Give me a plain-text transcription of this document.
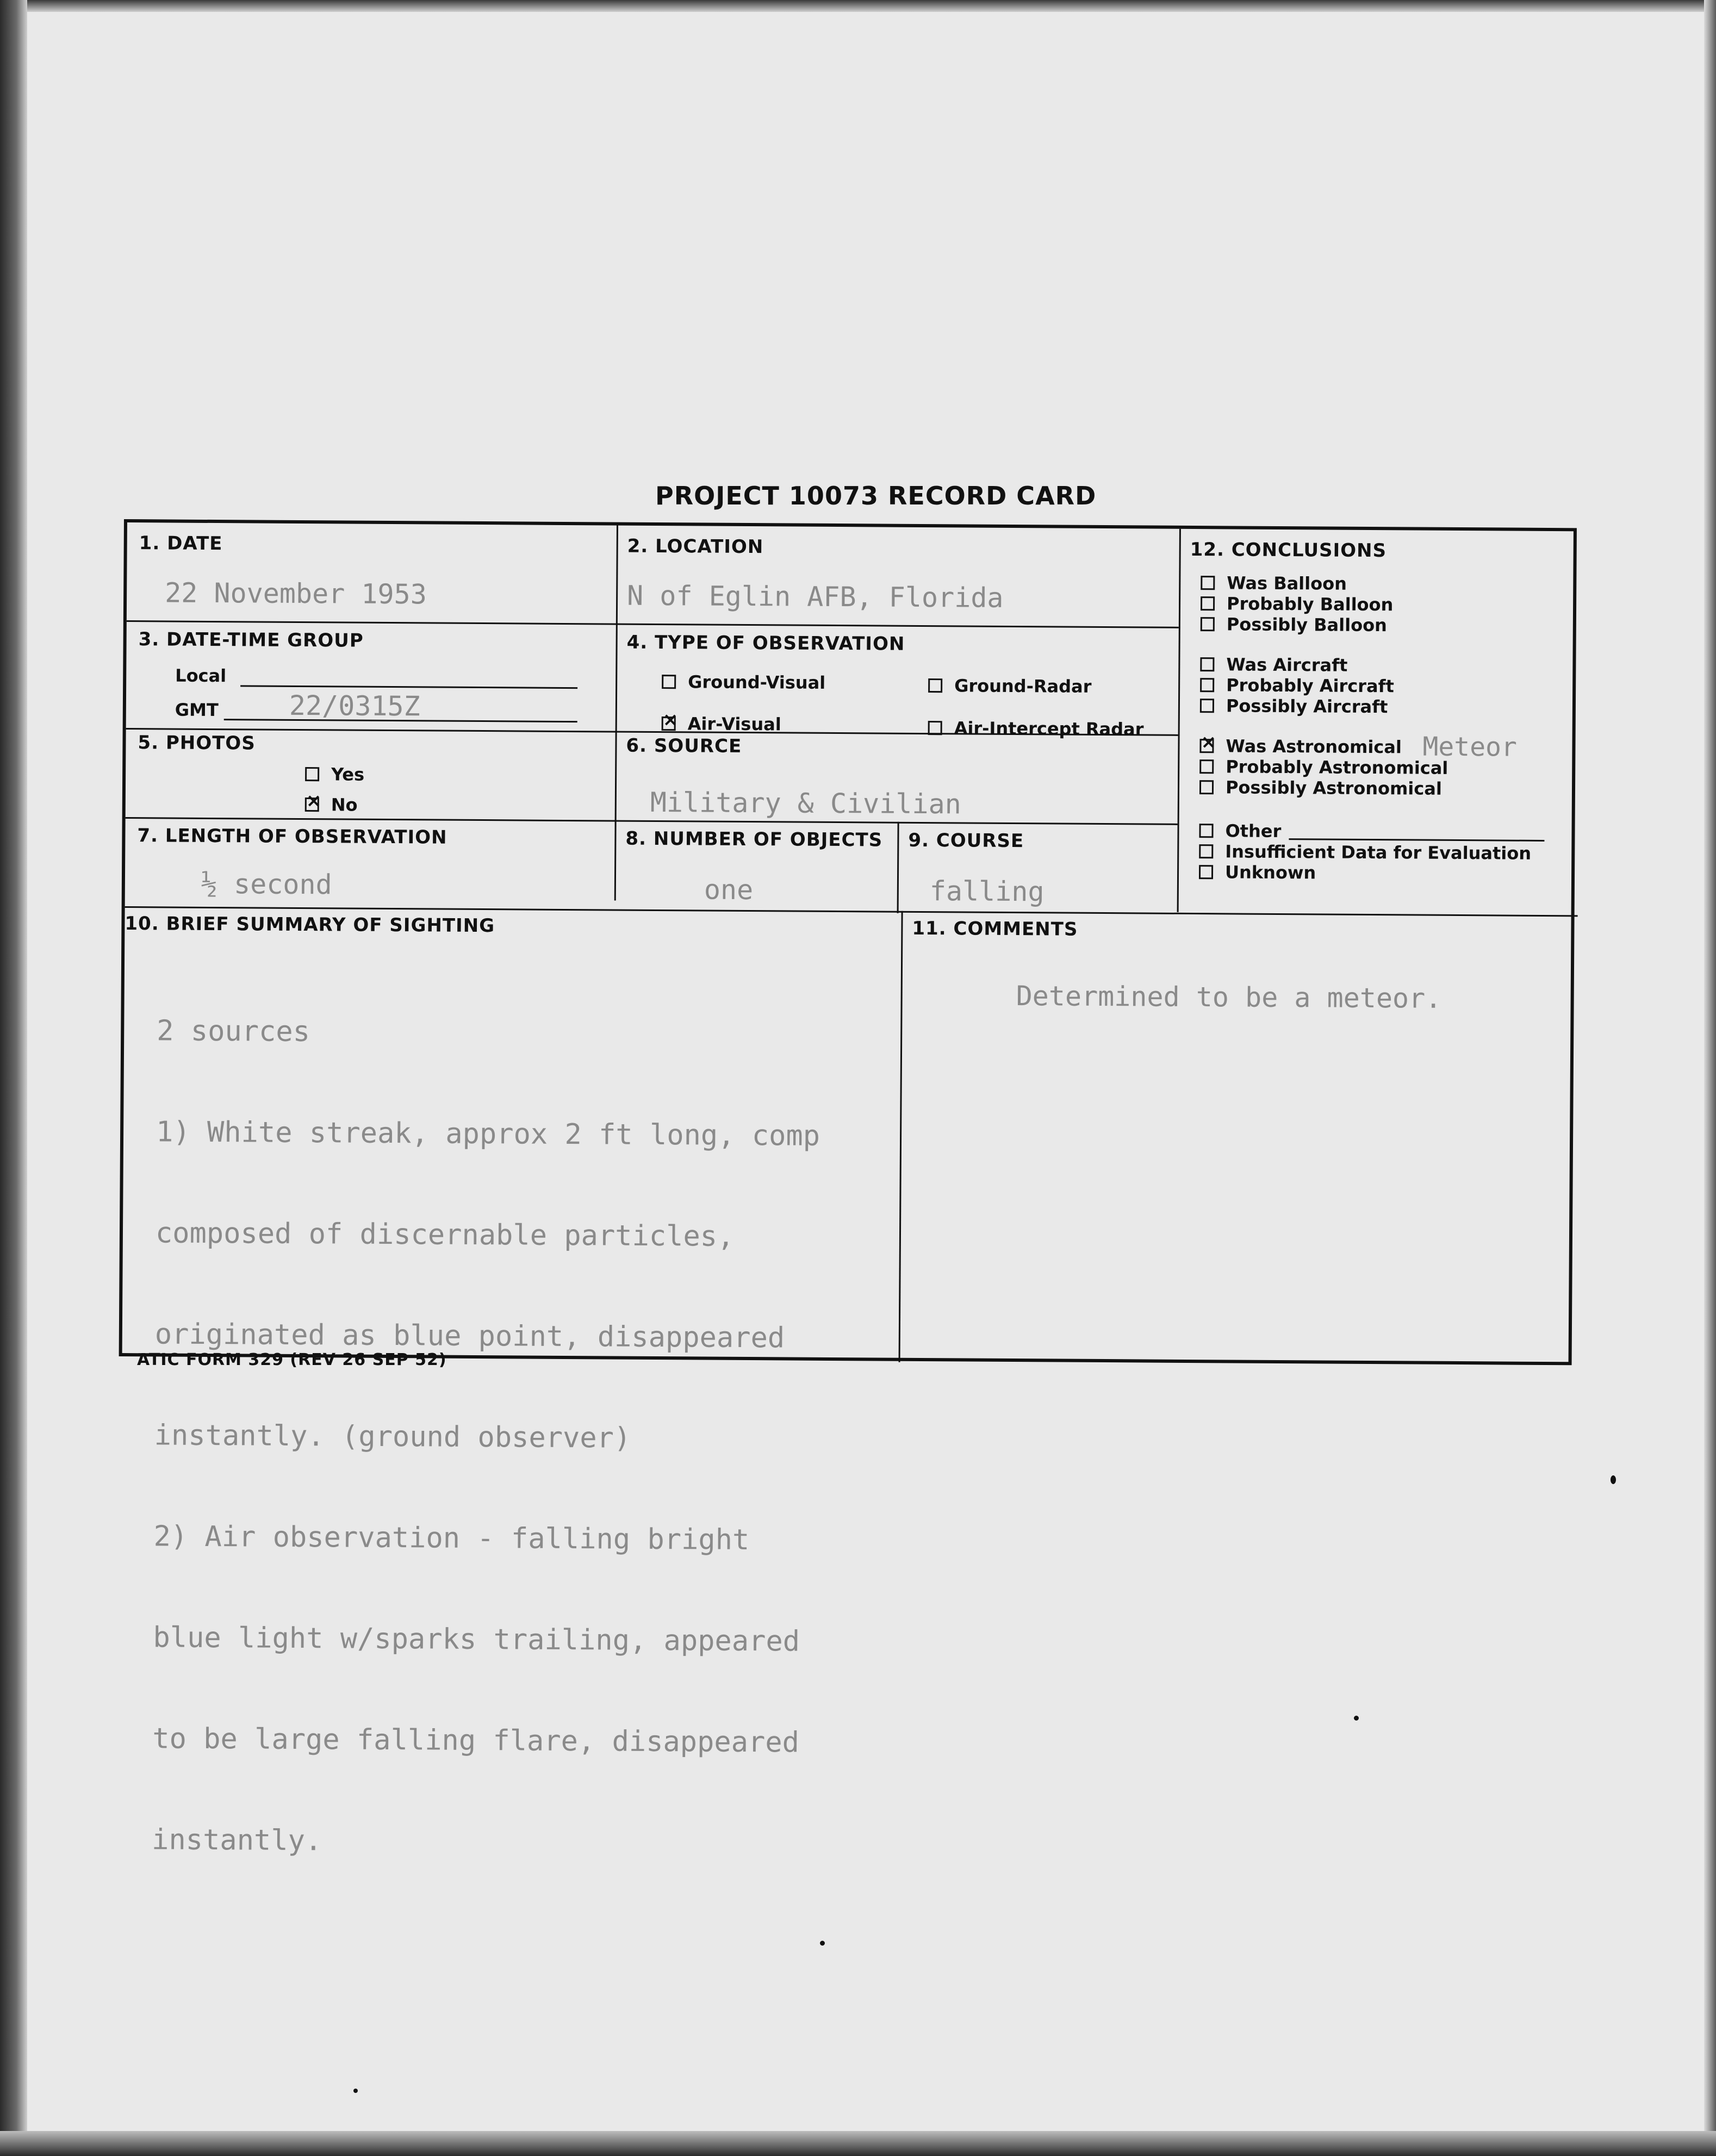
PROJECT 10073 RECORD CARD
1. DATE
22 November 1953
2. LOCATION
N of Eglin AFB, Florida
3. DATE-TIME GROUP
Local
GMT	22/0315Z
4. TYPE OF OBSERVATION
Ground-Visual	Ground-Radar
×Air-Visual	Air-Intercept Radar
5. PHOTOS
Yes
×No
6. SOURCE
Military & Civilian
7. LENGTH OF OBSERVATION
½ second
8. NUMBER OF OBJECTS
one
9. COURSE
falling
12. CONCLUSIONS
Was Balloon
Probably Balloon
Possibly Balloon
Was Aircraft
Probably Aircraft
Possibly Aircraft
×Was Astronomical Meteor
Probably Astronomical
Possibly Astronomical
Other
Insufficient Data for Evaluation
Unknown
10. BRIEF SUMMARY OF SIGHTING

2 sources

1) White streak, approx 2 ft long, comp

composed of discernable particles,

originated as blue point, disappeared

instantly. (ground observer)

2) Air observation - falling bright

blue light w/sparks trailing, appeared

to be large falling flare, disappeared

instantly.

11. COMMENTS
Determined to be a meteor.
ATIC FORM 329 (REV 26 SEP 52)
